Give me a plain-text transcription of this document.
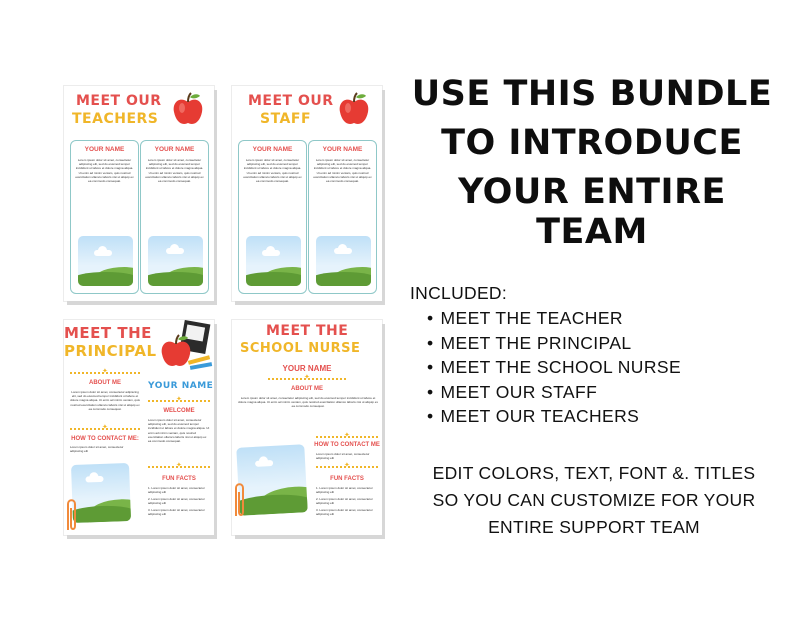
MEET OUR
TEACHERS
YOUR NAME	YOUR NAME
Lorem ipsum dolor sit amet, consectetur adipiscing elit, sed do eiusmod tempor incididunt ut labore et dolore magna aliqua. Ut enim ad minim veniam, quis nostrud exercitation ullamco laboris nisi ut aliquip ex ea commodo consequat.
Lorem ipsum dolor sit amet, consectetur adipiscing elit, sed do eiusmod tempor incididunt ut labore et dolore magna aliqua. Ut enim ad minim veniam, quis nostrud exercitation ullamco laboris nisi ut aliquip ex ea commodo consequat.
MEET OUR
STAFF
YOUR NAME	YOUR NAME
Lorem ipsum dolor sit amet, consectetur adipiscing elit, sed do eiusmod tempor incididunt ut labore et dolore magna aliqua. Ut enim ad minim veniam, quis nostrud exercitation ullamco laboris nisi ut aliquip ex ea commodo consequat.
Lorem ipsum dolor sit amet, consectetur adipiscing elit, sed do eiusmod tempor incididunt ut labore et dolore magna aliqua. Ut enim ad minim veniam, quis nostrud exercitation ullamco laboris nisi ut aliquip ex ea commodo consequat.
MEET THE
PRINCIPAL
✦
ABOUT ME
Lorem ipsum dolor sit amet, consectetur adipiscing elit, sed do eiusmod tempor incididunt ut labore et dolore magna aliqua. Ut enim ad minim veniam, quis nostrud exercitation ullamco laboris nisi ut aliquip ex ea commodo consequat.
YOUR NAME
✦
WELCOME
Lorem ipsum dolor sit amet, consectetur adipiscing elit, sed do eiusmod tempor incididunt ut labore et dolore magna aliqua. Ut enim ad minim veniam, quis nostrud exercitation ullamco laboris nisi ut aliquip ex ea commodo consequat.
✦
HOW TO CONTACT ME:
Lorem ipsum dolor sit amet, consectetur adipiscing elit
✦
FUN FACTS
1. Lorem ipsum dolor sit amet, consectetur adipiscing elit
2. Lorem ipsum dolor sit amet, consectetur adipiscing elit
3. Lorem ipsum dolor sit amet, consectetur adipiscing elit
MEET THE
SCHOOL NURSE
YOUR NAME
✦
ABOUT ME
Lorem ipsum dolor sit amet, consectetur adipiscing elit, sed do eiusmod tempor incididunt ut labore et dolore magna aliqua. Ut enim ad minim veniam, quis nostrud exercitation ullamco laboris nisi ut aliquip ex ea commodo consequat.
✦
HOW TO CONTACT ME
Lorem ipsum dolor sit amet, consectetur adipiscing elit
✦
FUN FACTS
1. Lorem ipsum dolor sit amet, consectetur adipiscing elit
2. Lorem ipsum dolor sit amet, consectetur adipiscing elit
3. Lorem ipsum dolor sit amet, consectetur adipiscing elit
USE THIS BUNDLE
TO INTRODUCE
YOUR ENTIRE TEAM
INCLUDED:
• MEET THE TEACHER
• MEET THE PRINCIPAL
• MEET THE SCHOOL NURSE
• MEET OUR STAFF
• MEET OUR TEACHERS
EDIT COLORS, TEXT, FONT &. TITLES
SO YOU CAN CUSTOMIZE FOR YOUR
ENTIRE SUPPORT TEAM
